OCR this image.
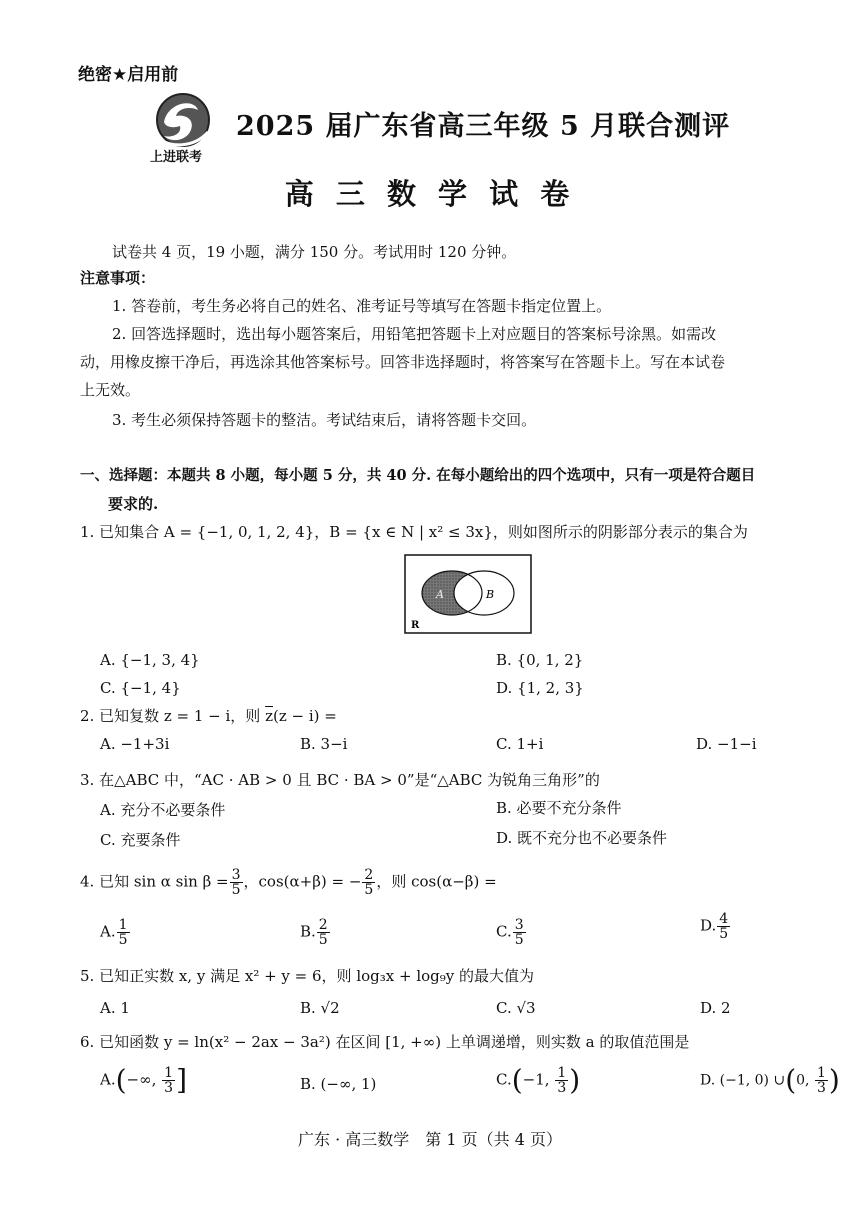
绝密★启用前
上进联考
2025 届广东省高三年级 5 月联合测评
高 三 数 学 试 卷
试卷共 4 页，19 小题，满分 150 分。考试用时 120 分钟。
注意事项：
1. 答卷前，考生务必将自己的姓名、准考证号等填写在答题卡指定位置上。
2. 回答选择题时，选出每小题答案后，用铅笔把答题卡上对应题目的答案标号涂黑。如需改
动，用橡皮擦干净后，再选涂其他答案标号。回答非选择题时，将答案写在答题卡上。写在本试卷
上无效。
3. 考生必须保持答题卡的整洁。考试结束后，请将答题卡交回。
一、选择题：本题共 8 小题，每小题 5 分，共 40 分. 在每小题给出的四个选项中，只有一项是符合题目
要求的.
1. 已知集合 A = {−1, 0, 1, 2, 4}，B = {x ∈ N | x² ≤ 3x}，则如图所示的阴影部分表示的集合为
A	B
R
A. {−1, 3, 4}	B. {0, 1, 2}
C. {−1, 4}	D. {1, 2, 3}
2. 已知复数 z = 1 − i，则 $\overline{z}(z - i)$ =
A. −1+3i	B. 3−i	C. 1+i	D. −1−i
3. 在△ABC 中，“AC · AB > 0 且 BC · BA > 0”是“△ABC 为锐角三角形”的
A. 充分不必要条件	B. 必要不充分条件
C. 充要条件	D. 既不充分也不必要条件
4. 已知 sin α $\sin \beta = \frac{3}{5}$ ，cos(α+β) = − $\frac{2}{5}$ ，则 cos(α−β) =
A. $\frac{1}{5}$	B. $\frac{2}{5}$	C. $\frac{3}{5}$	D. $\frac{4}{5}$
5. 已知正实数 x, y 满足 x² + y = 6，则 log₃x + log₉y 的最大值为
A. 1	B. √2	C. √3	D. 2
6. 已知函数 y = ln(x² − 2ax − 3a²) 在区间 [1, +∞) 上单调递增，则实数 a 的取值范围是
A.(−∞, $\frac{1}{3}$ ]	B. (−∞, 1)	C.(−1, $\frac{1}{3}$ )	D. (−1, 0) ∪(0, $\frac{1}{3}$ )
广东 · 高三数学　第 1 页（共 4 页）
